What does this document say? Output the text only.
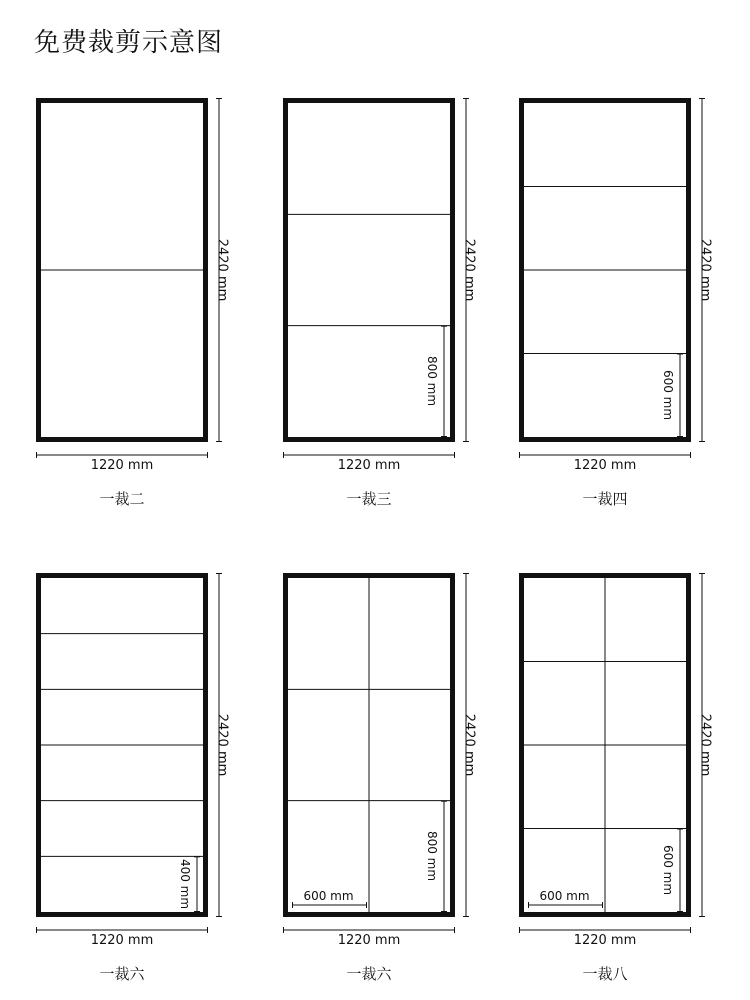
免费裁剪示意图
2420 mm
1220 mm
一裁二
800 mm
2420 mm
1220 mm
一裁三
600 mm
2420 mm
1220 mm
一裁四
400 mm
2420 mm
1220 mm
一裁六
800 mm
600 mm
2420 mm
1220 mm
一裁六
600 mm
600 mm
2420 mm
1220 mm
一裁八
